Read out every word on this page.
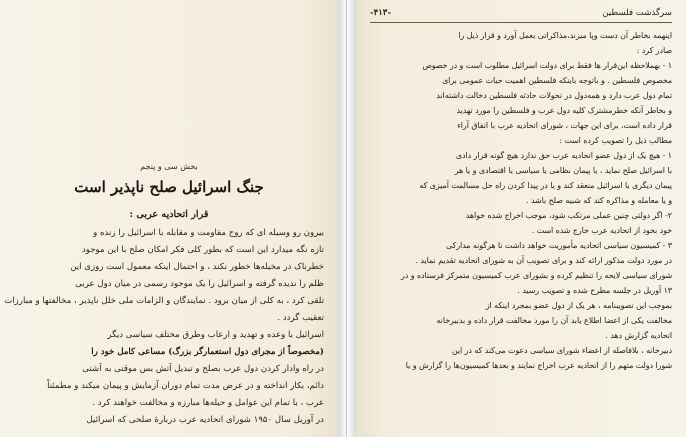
بخش سی و پنجم
جنگ اسرائیل صلح ناپذیر است
قرار اتحادیه عربی :
بیرون رو وسیله ای که روح مقاومت و مقابله با اسرائیل را زنده و
تازه نگه میدارد این است که بطور کلی فکر امکان صلح با این موجود
خطرناک در مخیله‌ها خطور نکند ، و احتمال اینکه معمول است روزی این
ظلم را ندیده گرفته و اسرائیل را یک موجود رسمی در میان دول عربی
تلقی کرد ، به کلی از میان برود . نمایندگان و الزامات ملی خلل ناپذیر ، مخالفتها و مبارزات
تعقیب گردد .
اسرائیل با وعده و تهدید و ارعاب وطرق مختلف سیاسی دیگر
(مخصوصاً از مجرای دول استعمارگر بزرگ) مساعی کامل خود را
در راه وادار کردن دول عرب بصلح و تبدیل آتش بس موقتی به آشتی
دائم، بکار انداخته و در عرض مدت تمام دوران آزمایش و پیمان میکند و مطمئناً
عرب ، با تمام این عوامل و حیله‌ها مبارزه و مخالفت خواهند کرد .
در آوریل سال ۱۹۵۰ شورای اتحادیه عرب دربارهٔ صلحی که اسرائیل
سرگذشت فلسطین
-۴۱۳-
اینهمه بخاطر آن دست وپا میزند،مذاکراتی بعمل آورد و قرار ذیل را
صادر کرد :
۱ - بهملاحظه این‌قرار ها فقط برای دولت اسرائیل مطلوب است و در خصوص
مخصوص فلسطین . و باتوجه باینکه فلسطین اهمیت حیات عمومی برای
تمام دول عرب دارد و همه‌دول در تحولات حادثه فلسطین دخالت داشته‌اند
و بخاطر آنکه خطرمشترک کلیه دول عرب و فلسطین را مورد تهدید
قرار داده است، برای این جهات ، شورای اتحادیه عرب با اتفاق آراء
مطالب ذیل را تصویب کرده است :
۱ - هیچ یک از دول عضو اتحادیه عرب حق ندارد هیچ گونه قرار دادی
با اسرائیل صلح نماید ، یا پیمان نظامی یا سیاسی یا اقتصادی و یا هر
پیمان دیگری با اسرائیل منعقد کند و یا در پیدا کردن راه حل مسالمت آمیزی که
و یا معامله و مذاکره کند که شبیه صلح باشد .
۲- اگر دولتی چنین عملی مرتکب شود، موجب اخراج شده خواهد
خود بخود از اتحادیه عرب خارج شده است .
۳ - کمیسیون سیاسی اتحادیه مأموریت خواهد داشت تا هرگونه مدارکی
در مورد دولت مذکور ارائه کند و برای تصویب آن به شورای اتحادیه تقدیم نماید .
شورای سیاسی لایحه را تنظیم کرده و بشورای عرب کمیسیون متمرکز فرستاده و در
۱۳ آوریل در جلسه مطرح شده و تصویب رسید .
بموجب این تصویبنامه ، هر یک از دول عضو بمجرد اینکه از
مخالفت یکی از اعضا اطلاع یابد آن را مورد مخالفت قرار داده و بدبیرخانه
اتحادیه گزارش دهد .
دبیرخانه ، بلافاصله از اعضاء شورای سیاسی دعوت می‌کند که در این
شورا دولت متهم را از اتحادیه عرب اخراج نمایند و بعدها کمیسیون‌ها را گزارش و یا
